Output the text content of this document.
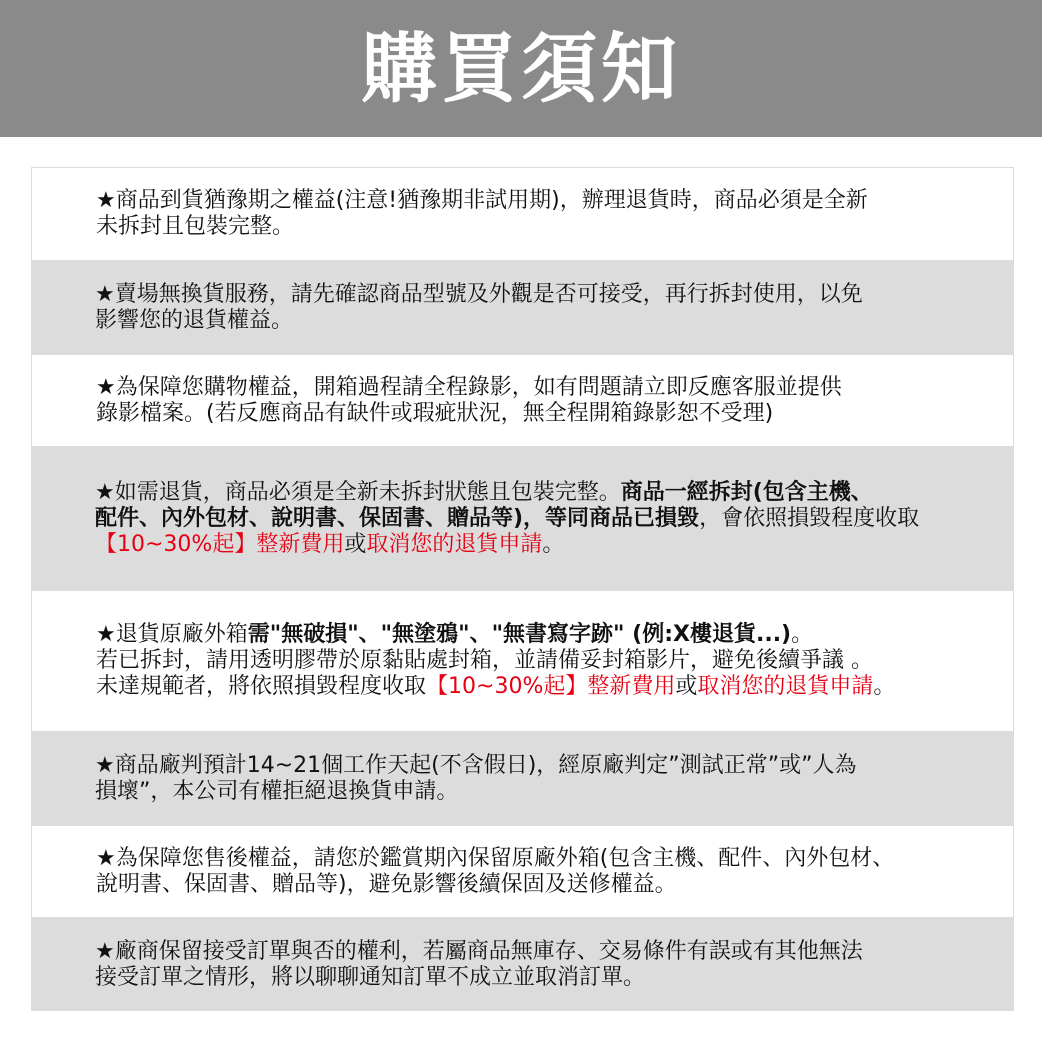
購買須知
★商品到貨猶豫期之權益(注意!猶豫期非試用期)，辦理退貨時，商品必須是全新
未拆封且包裝完整。
★賣場無換貨服務，請先確認商品型號及外觀是否可接受，再行拆封使用，以免
影響您的退貨權益。
★為保障您購物權益，開箱過程請全程錄影，如有問題請立即反應客服並提供
錄影檔案。(若反應商品有缺件或瑕疵狀況，無全程開箱錄影恕不受理)
★如需退貨，商品必須是全新未拆封狀態且包裝完整。商品一經拆封(包含主機、
配件、內外包材、說明書、保固書、贈品等)，等同商品已損毀，會依照損毀程度收取
【10~30%起】整新費用或取消您的退貨申請。
★退貨原廠外箱需"無破損"、"無塗鴉"、"無書寫字跡" (例:X樓退貨...)。
若已拆封，請用透明膠帶於原黏貼處封箱，並請備妥封箱影片，避免後續爭議 。
未達規範者，將依照損毀程度收取【10~30%起】整新費用或取消您的退貨申請。
★商品廠判預計14~21個工作天起(不含假日)，經原廠判定”測試正常”或”人為
損壞”，本公司有權拒絕退換貨申請。
★為保障您售後權益，請您於鑑賞期內保留原廠外箱(包含主機、配件、內外包材、
說明書、保固書、贈品等)，避免影響後續保固及送修權益。
★廠商保留接受訂單與否的權利，若屬商品無庫存、交易條件有誤或有其他無法
接受訂單之情形，將以聊聊通知訂單不成立並取消訂單。
